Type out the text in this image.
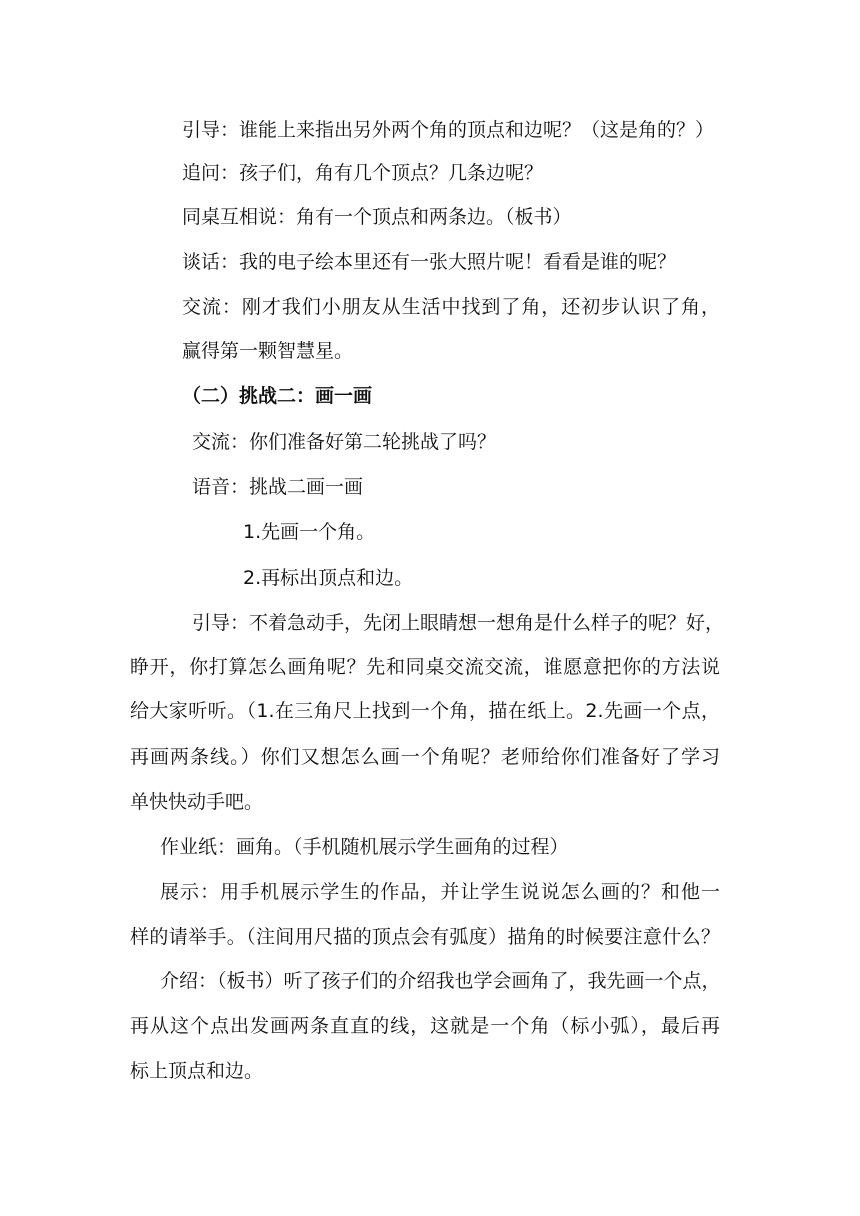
引导：谁能上来指出另外两个角的顶点和边呢？（这是角的？）
追问：孩子们，角有几个顶点？几条边呢？
同桌互相说：角有一个顶点和两条边。（板书）
谈话：我的电子绘本里还有一张大照片呢！看看是谁的呢？
交流：刚才我们小朋友从生活中找到了角，还初步认识了角，
赢得第一颗智慧星。
（二）挑战二：画一画
交流：你们准备好第二轮挑战了吗？
语音：挑战二画一画
1.先画一个角。
2.再标出顶点和边。
引导：不着急动手，先闭上眼睛想一想角是什么样子的呢？好，
睁开，你打算怎么画角呢？先和同桌交流交流，谁愿意把你的方法说
给大家听听。（1.在三角尺上找到一个角，描在纸上。2.先画一个点，
再画两条线。）你们又想怎么画一个角呢？老师给你们准备好了学习
单快快动手吧。
作业纸：画角。（手机随机展示学生画角的过程）
展示：用手机展示学生的作品，并让学生说说怎么画的？和他一
样的请举手。（注间用尺描的顶点会有弧度）描角的时候要注意什么？
介绍：（板书）听了孩子们的介绍我也学会画角了，我先画一个点，
再从这个点出发画两条直直的线，这就是一个角（标小弧），最后再
标上顶点和边。
